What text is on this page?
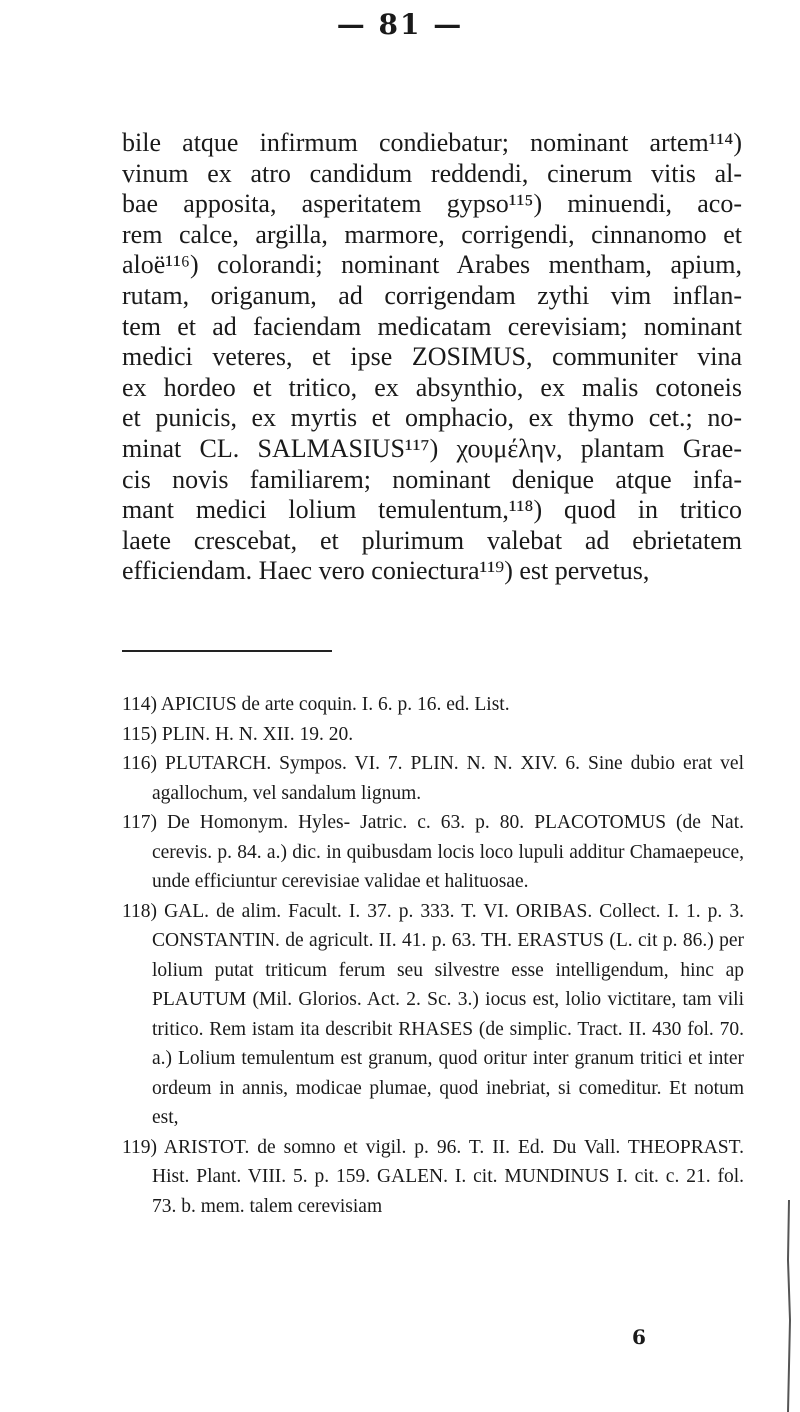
— 81 —
bile atque infirmum condiebatur; nominant artem¹¹⁴)
vinum ex atro candidum reddendi, cinerum vitis al-
bae apposita, asperitatem gypso¹¹⁵) minuendi, aco-
rem calce, argilla, marmore, corrigendi, cinnanomo et
aloë¹¹⁶) colorandi; nominant Arabes mentham, apium,
rutam, origanum, ad corrigendam zythi vim inflan-
tem et ad faciendam medicatam cerevisiam; nominant
medici veteres, et ipse ZOSIMUS, communiter vina
ex hordeo et tritico, ex absynthio, ex malis cotoneis
et punicis, ex myrtis et omphacio, ex thymo cet.; no-
minat CL. SALMASIUS¹¹⁷) χουμέλην, plantam Grae-
cis novis familiarem; nominant denique atque infa-
mant medici lolium temulentum,¹¹⁸) quod in tritico
laete crescebat, et plurimum valebat ad ebrietatem
efficiendam. Haec vero coniectura¹¹⁹) est pervetus,

114) APICIUS de arte coquin. I. 6. p. 16. ed. List.

115) PLIN. H. N. XII. 19. 20.

116) PLUTARCH. Sympos. VI. 7. PLIN. N. N. XIV. 6. Sine dubio erat vel agallochum, vel sandalum lignum.

117) De Homonym. Hyles- Jatric. c. 63. p. 80. PLACOTOMUS (de Nat. cerevis. p. 84. a.) dic. in quibusdam locis loco lupuli additur Chamaepeuce, unde efficiuntur cerevisiae validae et halituosae.

118) GAL. de alim. Facult. I. 37. p. 333. T. VI. ORIBAS. Collect. I. 1. p. 3. CONSTANTIN. de agricult. II. 41. p. 63. TH. ERASTUS (L. cit p. 86.) per lolium putat triticum ferum seu silvestre esse intelligendum, hinc ap PLAUTUM (Mil. Glorios. Act. 2. Sc. 3.) iocus est, lolio victitare, tam vili tritico. Rem istam ita describit RHASES (de simplic. Tract. II. 430 fol. 70. a.) Lolium temulentum est granum, quod oritur inter granum tritici et inter ordeum in annis, modicae plumae, quod inebriat, si comeditur. Et notum est,

119) ARISTOT. de somno et vigil. p. 96. T. II. Ed. Du Vall. THEOPRAST. Hist. Plant. VIII. 5. p. 159. GALEN. I. cit. MUNDINUS I. cit. c. 21. fol. 73. b. mem. talem cerevisiam

6
